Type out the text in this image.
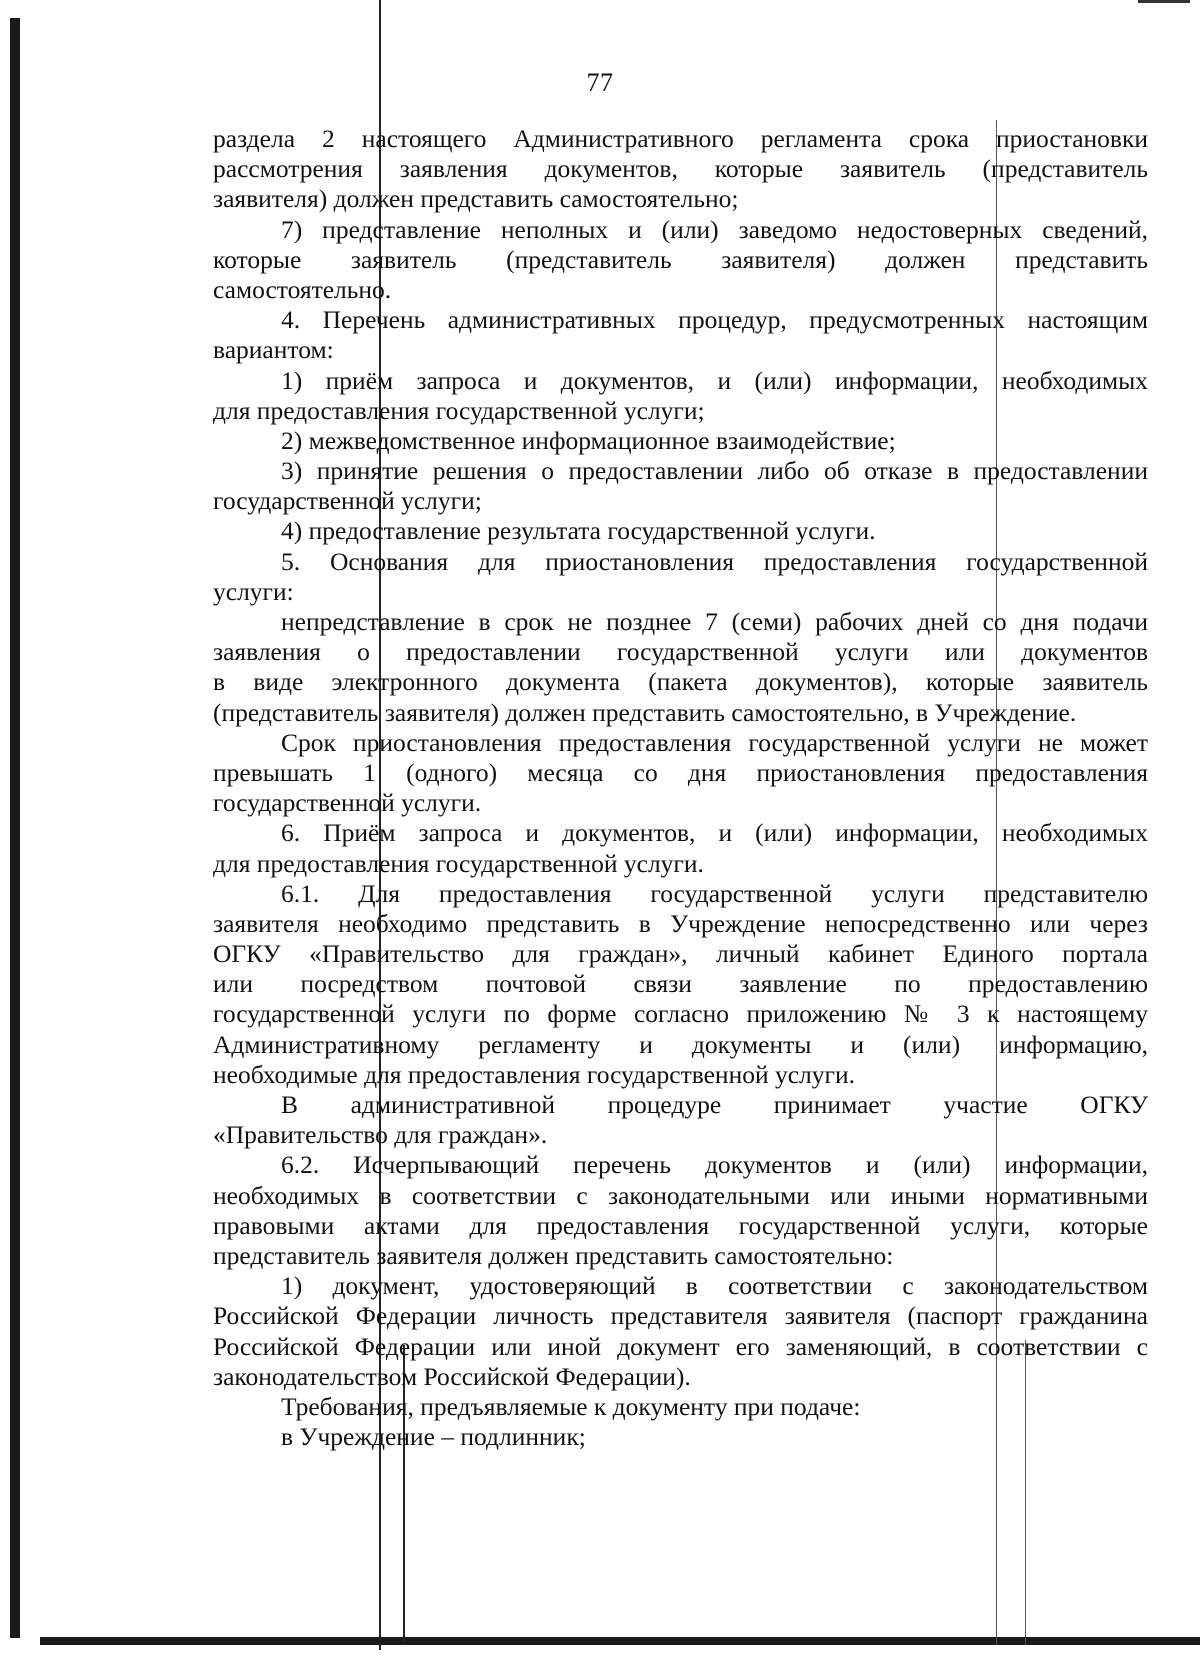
77
раздела 2 настоящего Административного регламента срока приостановки
рассмотрения заявления документов, которые заявитель (представитель
заявителя) должен представить самостоятельно;
7) представление неполных и (или) заведомо недостоверных сведений,
которые заявитель (представитель заявителя) должен представить
самостоятельно.
4. Перечень административных процедур, предусмотренных настоящим
вариантом:
1) приём запроса и документов, и (или) информации, необходимых
для предоставления государственной услуги;
2) межведомственное информационное взаимодействие;
3) принятие решения о предоставлении либо об отказе в предоставлении
государственной услуги;
4) предоставление результата государственной услуги.
5. Основания для приостановления предоставления государственной
услуги:
непредставление в срок не позднее 7 (семи) рабочих дней со дня подачи
заявления о предоставлении государственной услуги или документов
в виде электронного документа (пакета документов), которые заявитель
(представитель заявителя) должен представить самостоятельно, в Учреждение.
Срок приостановления предоставления государственной услуги не может
превышать 1 (одного) месяца со дня приостановления предоставления
государственной услуги.
6. Приём запроса и документов, и (или) информации, необходимых
для предоставления государственной услуги.
6.1. Для предоставления государственной услуги представителю
заявителя необходимо представить в Учреждение непосредственно или через
ОГКУ «Правительство для граждан», личный кабинет Единого портала
или посредством почтовой связи заявление по предоставлению
государственной услуги по форме согласно приложению № 3 к настоящему
Административному регламенту и документы и (или) информацию,
необходимые для предоставления государственной услуги.
В административной процедуре принимает участие ОГКУ
«Правительство для граждан».
6.2. Исчерпывающий перечень документов и (или) информации,
необходимых в соответствии с законодательными или иными нормативными
правовыми актами для предоставления государственной услуги, которые
представитель заявителя должен представить самостоятельно:
1) документ, удостоверяющий в соответствии с законодательством
Российской Федерации личность представителя заявителя (паспорт гражданина
Российской Федерации или иной документ его заменяющий, в соответствии с
законодательством Российской Федерации).
Требования, предъявляемые к документу при подаче:
в Учреждение – подлинник;
